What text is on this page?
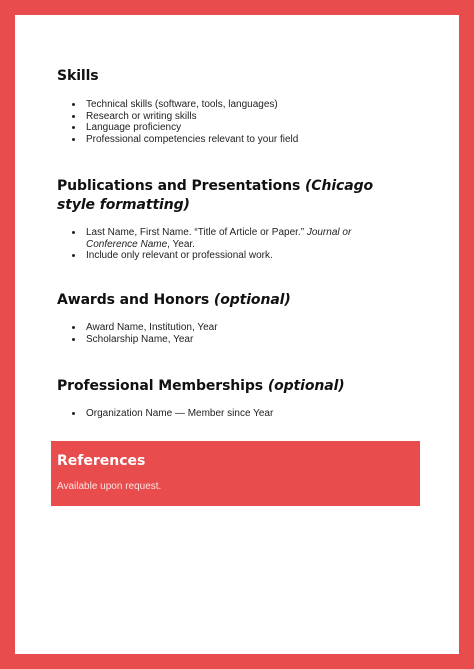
Skills
Technical skills (software, tools, languages)
Research or writing skills
Language proficiency
Professional competencies relevant to your field
Publications and Presentations (Chicago style formatting)
Last Name, First Name. “Title of Article or Paper.” Journal or Conference Name, Year.
Include only relevant or professional work.
Awards and Honors (optional)
Award Name, Institution, Year
Scholarship Name, Year
Professional Memberships (optional)
Organization Name — Member since Year
References

Available upon request.
